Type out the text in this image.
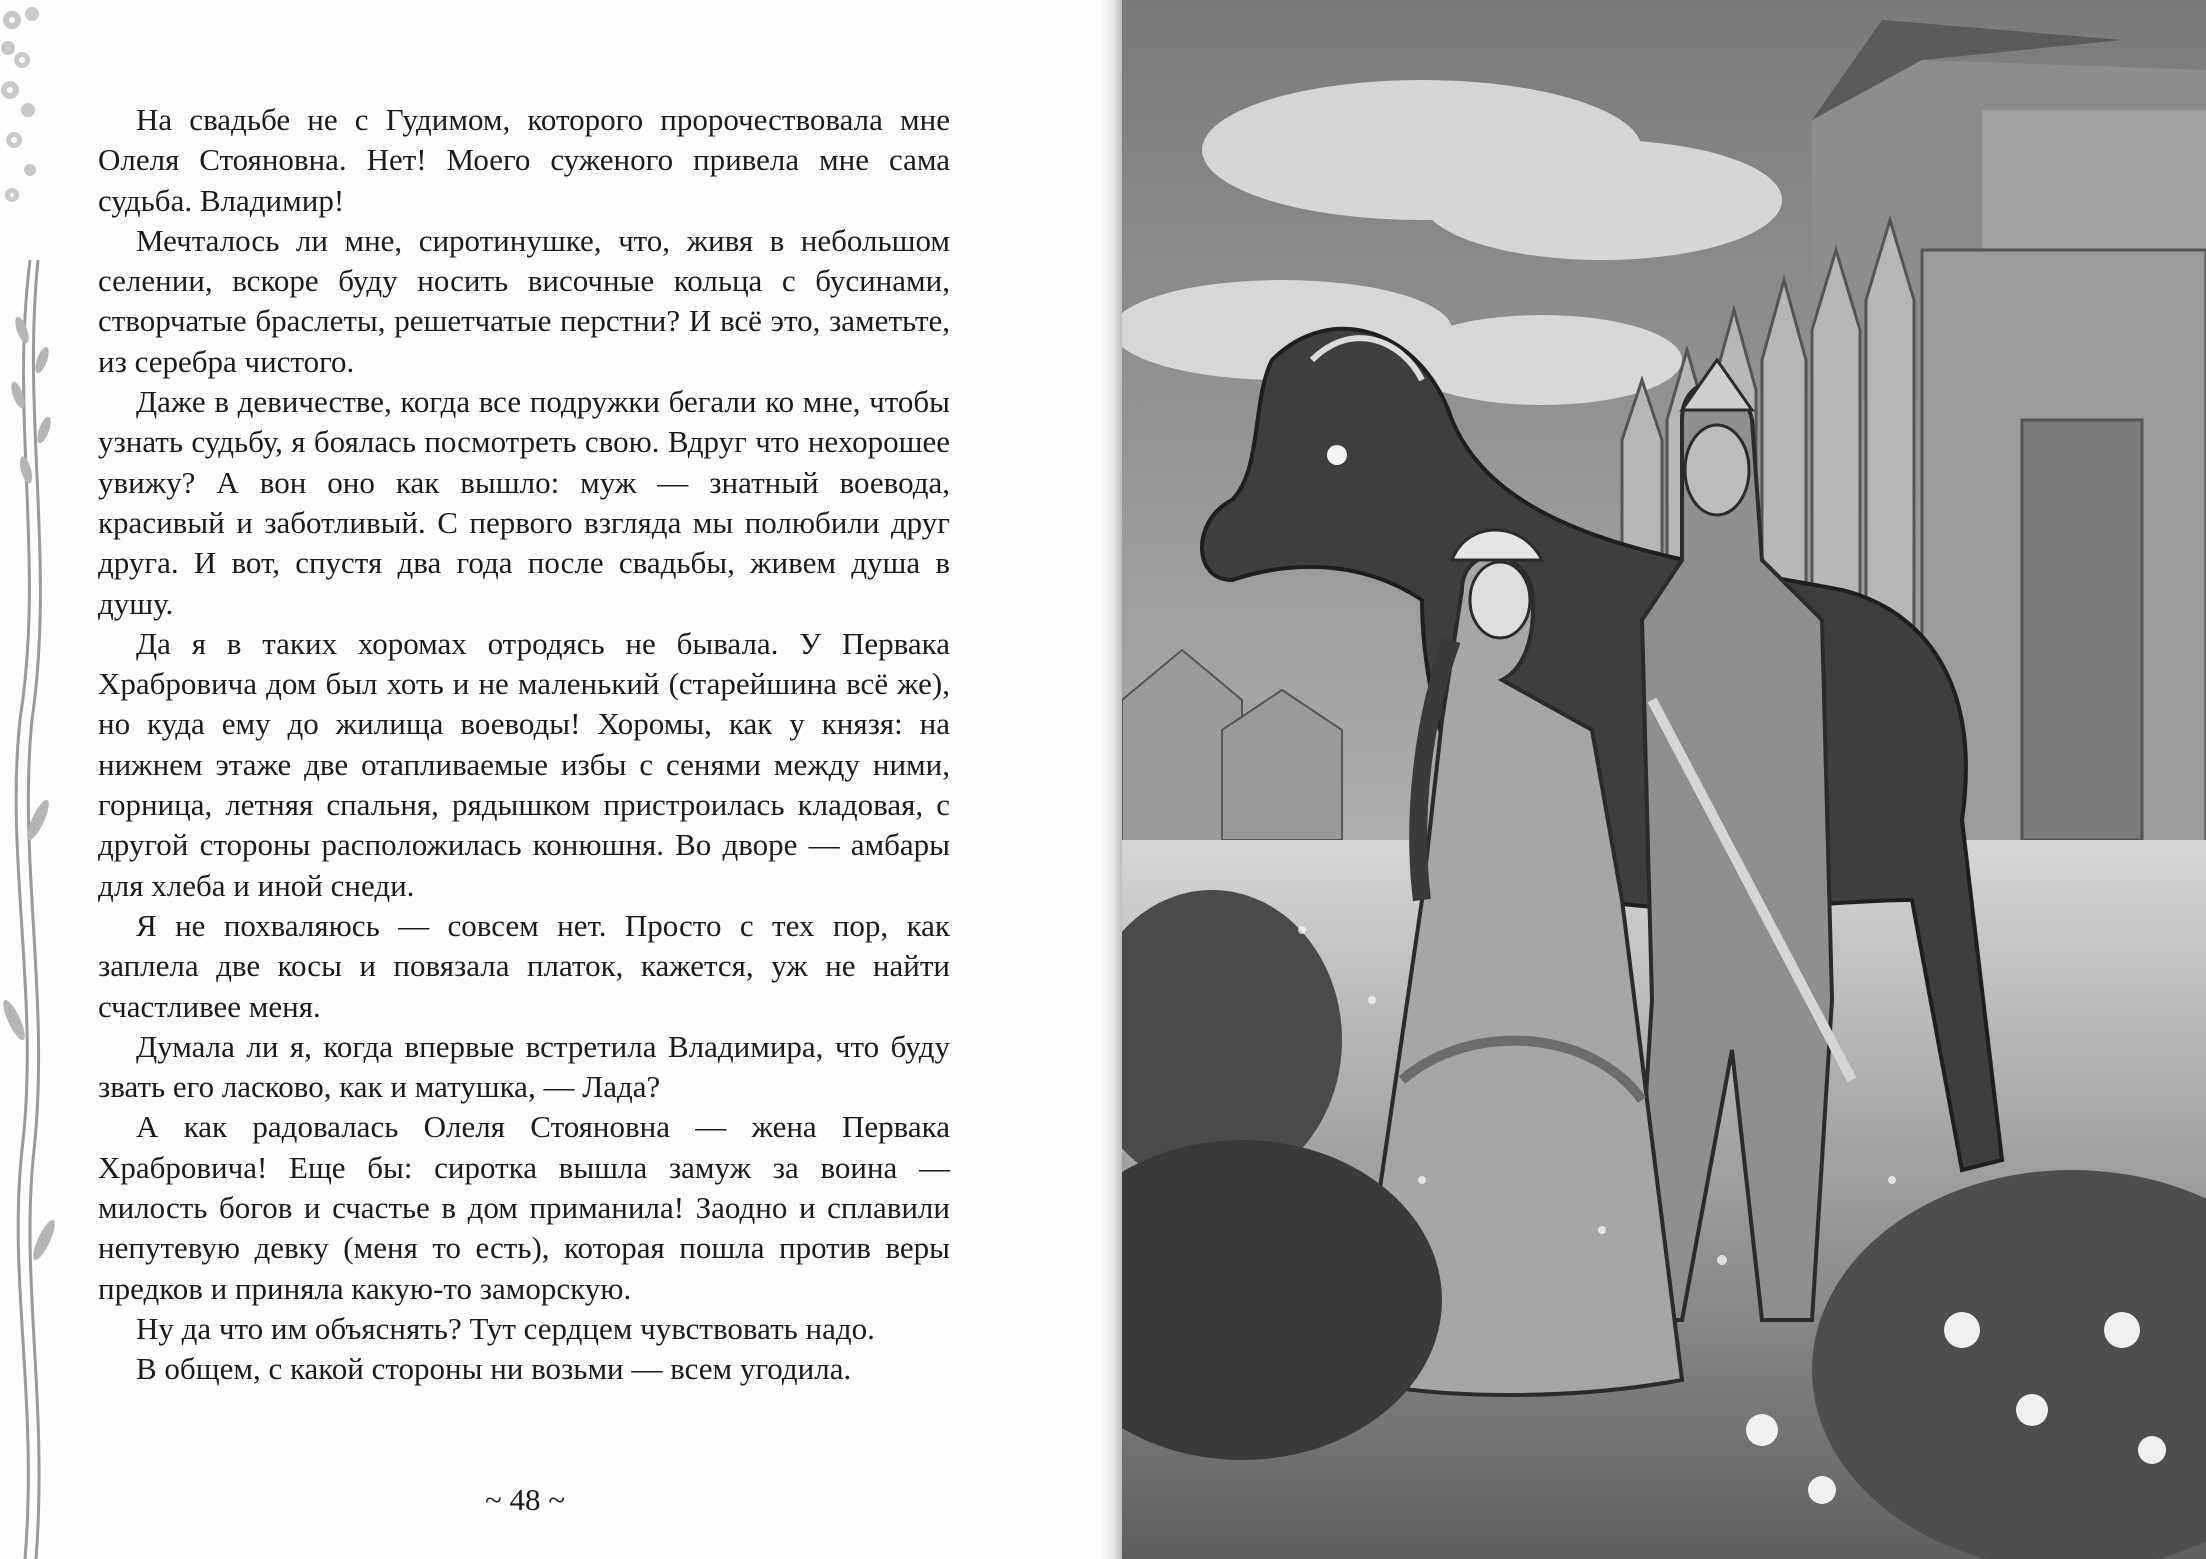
На свадьбе не с Гудимом, которого пророчествовала мне Олеля Стояновна. Нет! Моего суженого привела мне сама судьба. Владимир!

Мечталось ли мне, сиротинушке, что, живя в небольшом селении, вскоре буду носить височные кольца с бусинами, створчатые браслеты, решетчатые перстни? И всё это, заметьте, из серебра чистого.

Даже в девичестве, когда все подружки бегали ко мне, чтобы узнать судьбу, я боялась посмотреть свою. Вдруг что нехорошее увижу? А вон оно как вышло: муж — знатный воевода, красивый и заботливый. С первого взгляда мы полюбили друг друга. И вот, спустя два года после свадьбы, живем душа в душу.

Да я в таких хоромах отродясь не бывала. У Первака Храбровича дом был хоть и не маленький (старейшина всё же), но куда ему до жилища воеводы! Хоромы, как у князя: на нижнем этаже две отапливаемые избы с сенями между ними, горница, летняя спальня, рядышком пристроилась кладовая, с другой стороны расположилась конюшня. Во дворе — амбары для хлеба и иной снеди.

Я не похваляюсь — совсем нет. Просто с тех пор, как заплела две косы и повязала платок, кажется, уж не найти счастливее меня.

Думала ли я, когда впервые встретила Владимира, что буду звать его ласково, как и матушка, — Лада?

А как радовалась Олеля Стояновна — жена Первака Храбровича! Еще бы: сиротка вышла замуж за воина — милость богов и счастье в дом приманила! Заодно и сплавили непутевую девку (меня то есть), которая пошла против веры предков и приняла какую-то заморскую.

Ну да что им объяснять? Тут сердцем чувствовать надо.

В общем, с какой стороны ни возьми — всем угодила.

~ 48 ~
